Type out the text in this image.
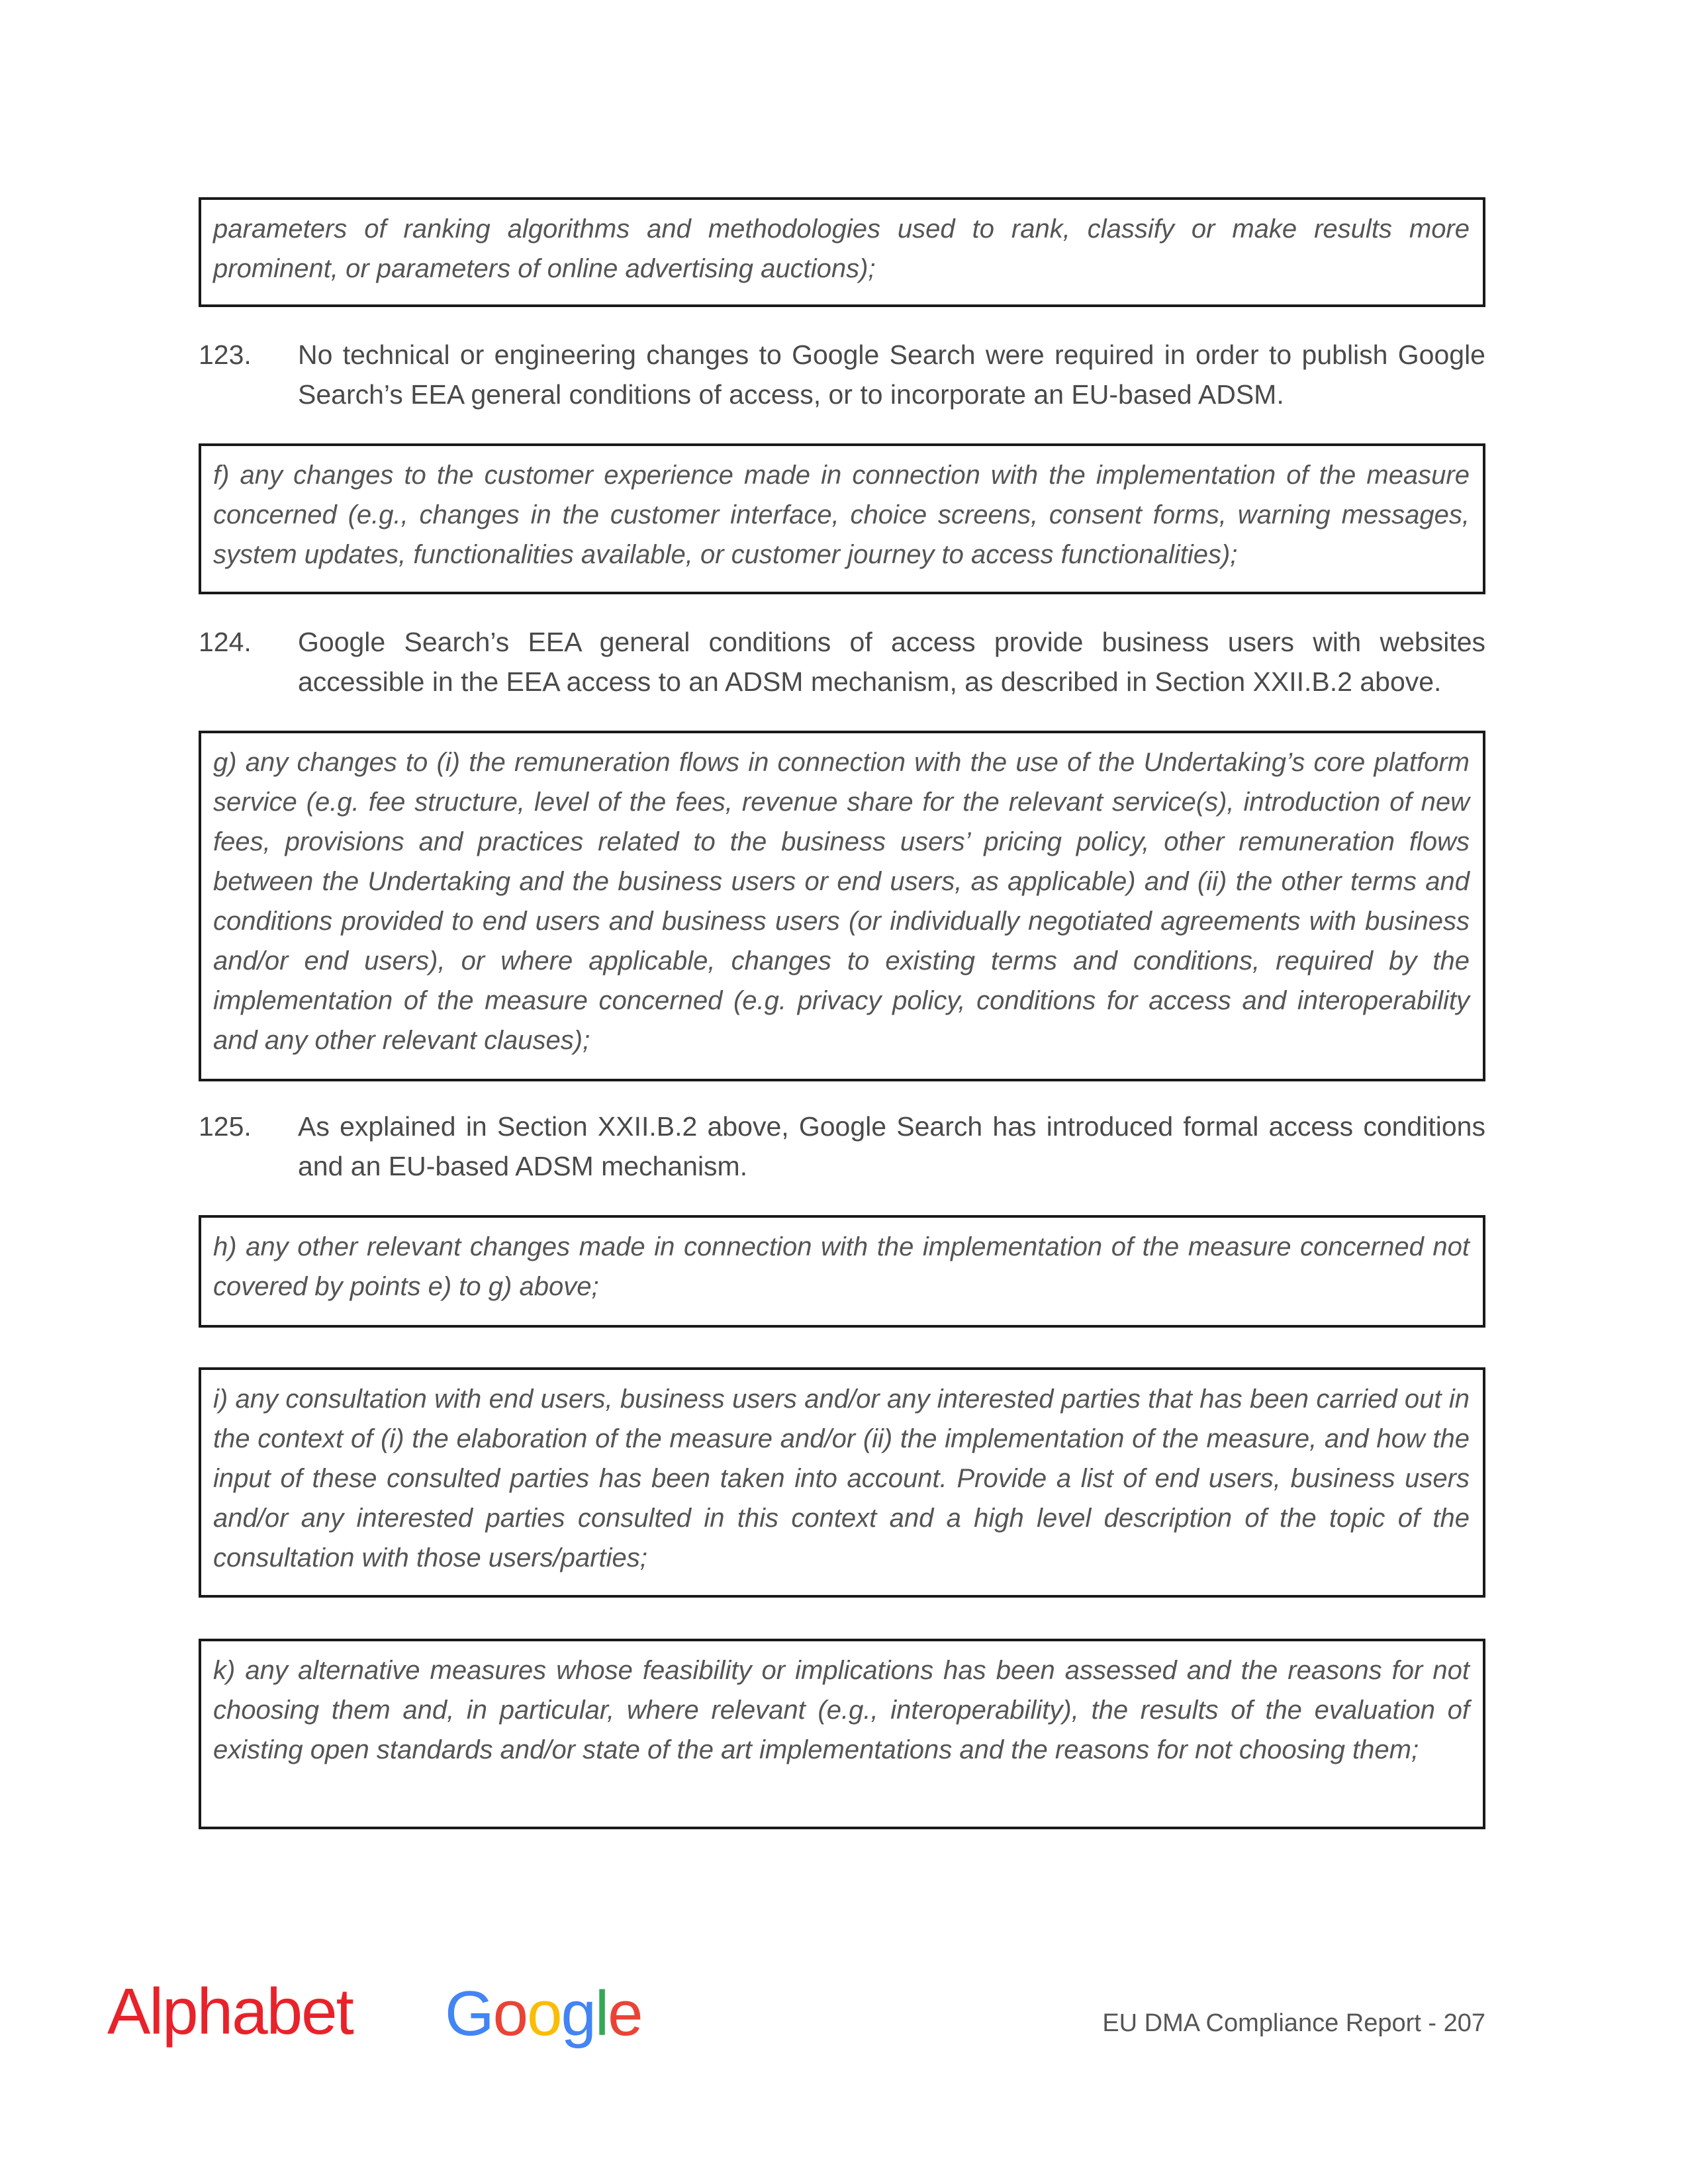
parameters of ranking algorithms and methodologies used to rank, classify or make results more prominent, or parameters of online advertising auctions);
123. No technical or engineering changes to Google Search were required in order to publish Google Search’s EEA general conditions of access, or to incorporate an EU-based ADSM.
f) any changes to the customer experience made in connection with the implementation of the measure concerned (e.g., changes in the customer interface, choice screens, consent forms, warning messages, system updates, functionalities available, or customer journey to access functionalities);
124. Google Search’s EEA general conditions of access provide business users with websites accessible in the EEA access to an ADSM mechanism, as described in Section XXII.B.2 above.
g) any changes to (i) the remuneration flows in connection with the use of the Undertaking’s core platform service (e.g. fee structure, level of the fees, revenue share for the relevant service(s), introduction of new fees, provisions and practices related to the business users’ pricing policy, other remuneration flows between the Undertaking and the business users or end users, as applicable) and (ii) the other terms and conditions provided to end users and business users (or individually negotiated agreements with business and/or end users), or where applicable, changes to existing terms and conditions, required by the implementation of the measure concerned (e.g. privacy policy, conditions for access and interoperability and any other relevant clauses);
125. As explained in Section XXII.B.2 above, Google Search has introduced formal access conditions and an EU-based ADSM mechanism.
h) any other relevant changes made in connection with the implementation of the measure concerned not covered by points e) to g) above;
i) any consultation with end users, business users and/or any interested parties that has been carried out in the context of (i) the elaboration of the measure and/or (ii) the implementation of the measure, and how the input of these consulted parties has been taken into account. Provide a list of end users, business users and/or any interested parties consulted in this context and a high level description of the topic of the consultation with those users/parties;
k) any alternative measures whose feasibility or implications has been assessed and the reasons for not choosing them and, in particular, where relevant (e.g., interoperability), the results of the evaluation of existing open standards and/or state of the art implementations and the reasons for not choosing them;
Alphabet Google	EU DMA Compliance Report - 207
